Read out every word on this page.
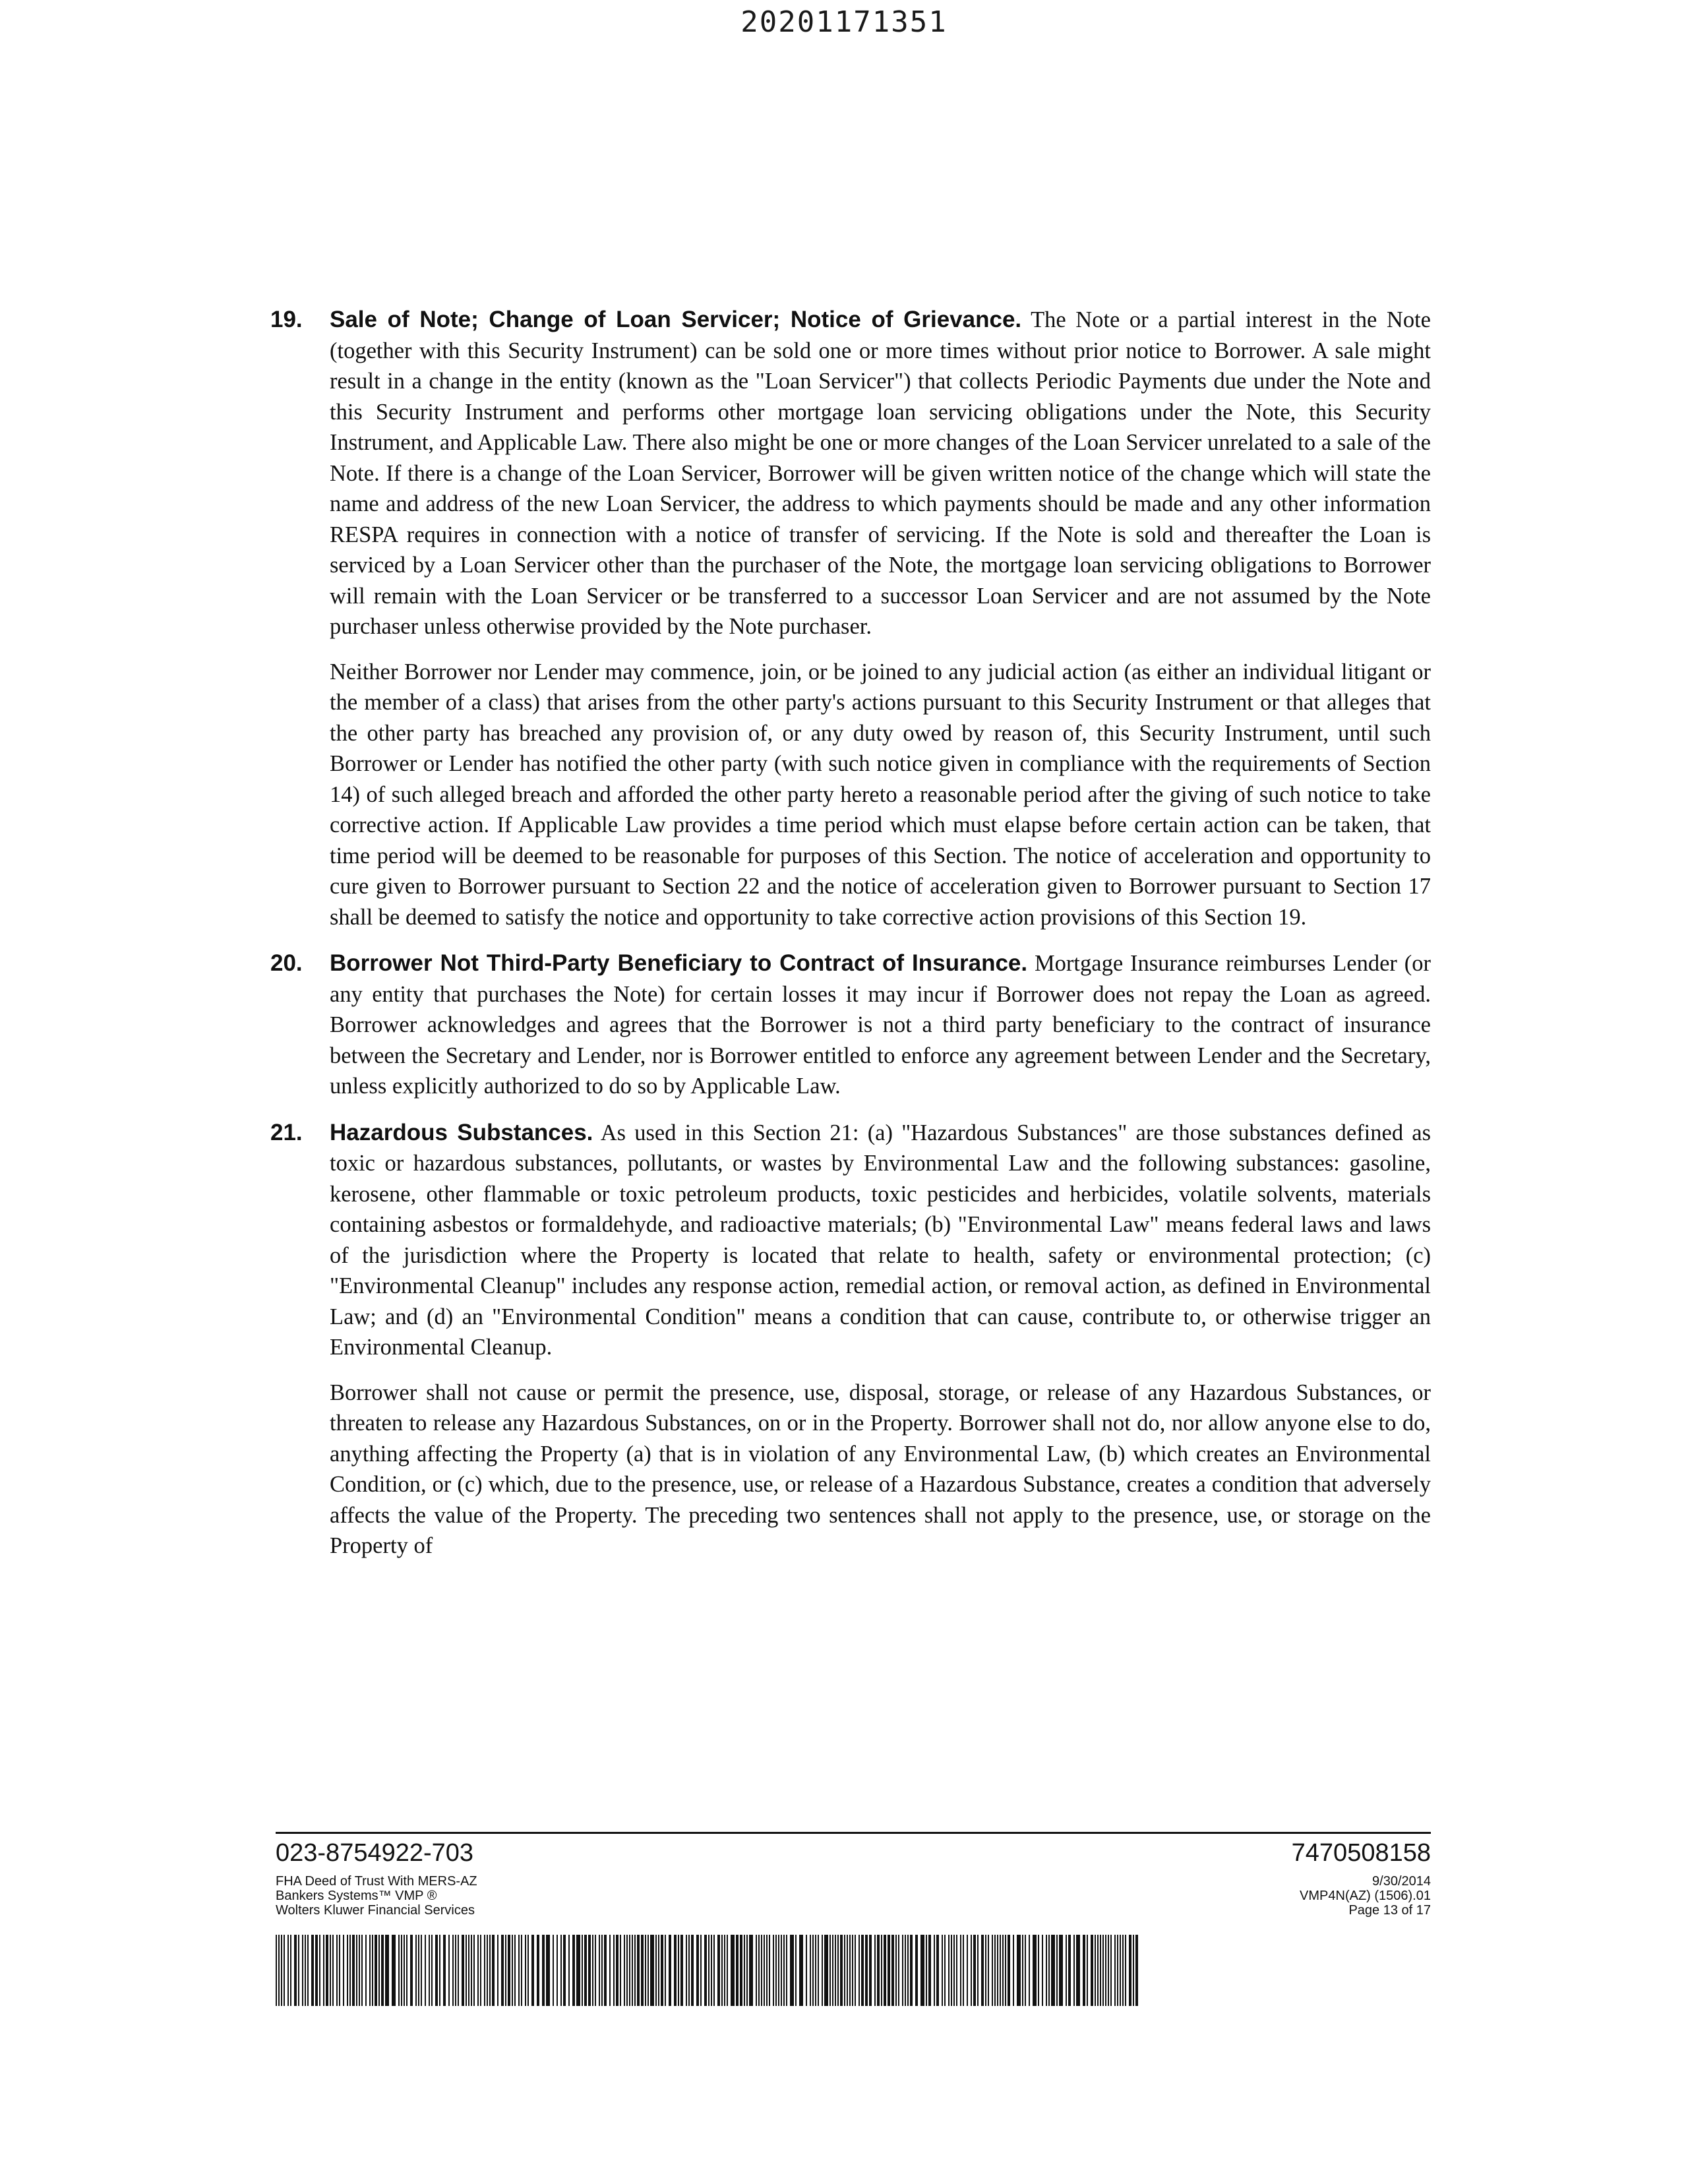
20201171351
19. Sale of Note; Change of Loan Servicer; Notice of Grievance. The Note or a partial interest in the Note (together with this Security Instrument) can be sold one or more times without prior notice to Borrower. A sale might result in a change in the entity (known as the "Loan Servicer") that collects Periodic Payments due under the Note and this Security Instrument and performs other mortgage loan servicing obligations under the Note, this Security Instrument, and Applicable Law. There also might be one or more changes of the Loan Servicer unrelated to a sale of the Note. If there is a change of the Loan Servicer, Borrower will be given written notice of the change which will state the name and address of the new Loan Servicer, the address to which payments should be made and any other information RESPA requires in connection with a notice of transfer of servicing. If the Note is sold and thereafter the Loan is serviced by a Loan Servicer other than the purchaser of the Note, the mortgage loan servicing obligations to Borrower will remain with the Loan Servicer or be transferred to a successor Loan Servicer and are not assumed by the Note purchaser unless otherwise provided by the Note purchaser.

Neither Borrower nor Lender may commence, join, or be joined to any judicial action (as either an individual litigant or the member of a class) that arises from the other party's actions pursuant to this Security Instrument or that alleges that the other party has breached any provision of, or any duty owed by reason of, this Security Instrument, until such Borrower or Lender has notified the other party (with such notice given in compliance with the requirements of Section 14) of such alleged breach and afforded the other party hereto a reasonable period after the giving of such notice to take corrective action. If Applicable Law provides a time period which must elapse before certain action can be taken, that time period will be deemed to be reasonable for purposes of this Section. The notice of acceleration and opportunity to cure given to Borrower pursuant to Section 22 and the notice of acceleration given to Borrower pursuant to Section 17 shall be deemed to satisfy the notice and opportunity to take corrective action provisions of this Section 19.

20. Borrower Not Third-Party Beneficiary to Contract of Insurance. Mortgage Insurance reimburses Lender (or any entity that purchases the Note) for certain losses it may incur if Borrower does not repay the Loan as agreed. Borrower acknowledges and agrees that the Borrower is not a third party beneficiary to the contract of insurance between the Secretary and Lender, nor is Borrower entitled to enforce any agreement between Lender and the Secretary, unless explicitly authorized to do so by Applicable Law.

21. Hazardous Substances. As used in this Section 21: (a) "Hazardous Substances" are those substances defined as toxic or hazardous substances, pollutants, or wastes by Environmental Law and the following substances: gasoline, kerosene, other flammable or toxic petroleum products, toxic pesticides and herbicides, volatile solvents, materials containing asbestos or formaldehyde, and radioactive materials; (b) "Environmental Law" means federal laws and laws of the jurisdiction where the Property is located that relate to health, safety or environmental protection; (c) "Environmental Cleanup" includes any response action, remedial action, or removal action, as defined in Environmental Law; and (d) an "Environmental Condition" means a condition that can cause, contribute to, or otherwise trigger an Environmental Cleanup.

Borrower shall not cause or permit the presence, use, disposal, storage, or release of any Hazardous Substances, or threaten to release any Hazardous Substances, on or in the Property. Borrower shall not do, nor allow anyone else to do, anything affecting the Property (a) that is in violation of any Environmental Law, (b) which creates an Environmental Condition, or (c) which, due to the presence, use, or release of a Hazardous Substance, creates a condition that adversely affects the value of the Property. The preceding two sentences shall not apply to the presence, use, or storage on the Property of

023-8754922-703	7470508158
FHA Deed of Trust With MERS-AZ
Bankers Systems™ VMP ®
Wolters Kluwer Financial Services
9/30/2014
VMP4N(AZ) (1506).01
Page 13 of 17
